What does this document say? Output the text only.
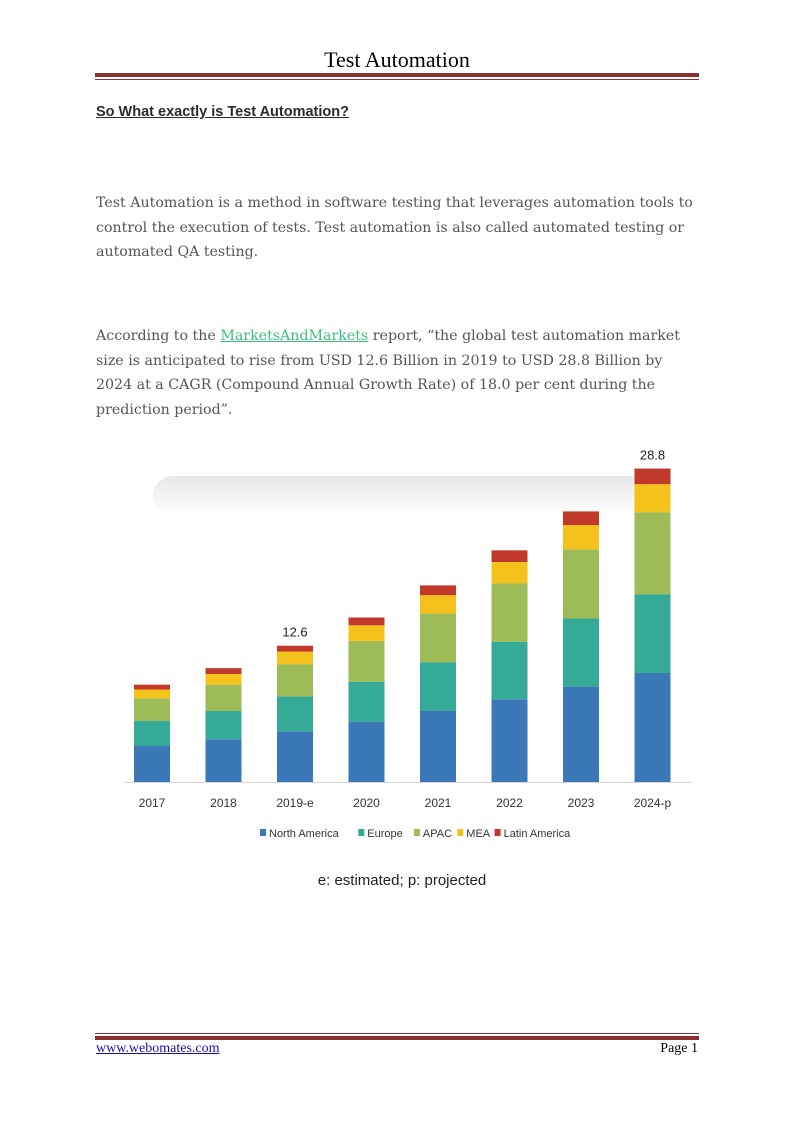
Test Automation
So What exactly is Test Automation?
Test Automation is a method in software testing that leverages automation tools to control the execution of tests. Test automation is also called automated testing or automated QA testing.
According to the MarketsAndMarkets report, “the global test automation market size is anticipated to rise from USD 12.6 Billion in 2019 to USD 28.8 Billion by 2024 at a CAGR (Compound Annual Growth Rate) of 18.0 per cent during the prediction period”.
2017	2018	2019-e
12.6
2020	2021	2022	2023	2024-p
28.8
North America	Europe APAC MEA Latin America
e: estimated; p: projected
www.webomates.com	Page 1
